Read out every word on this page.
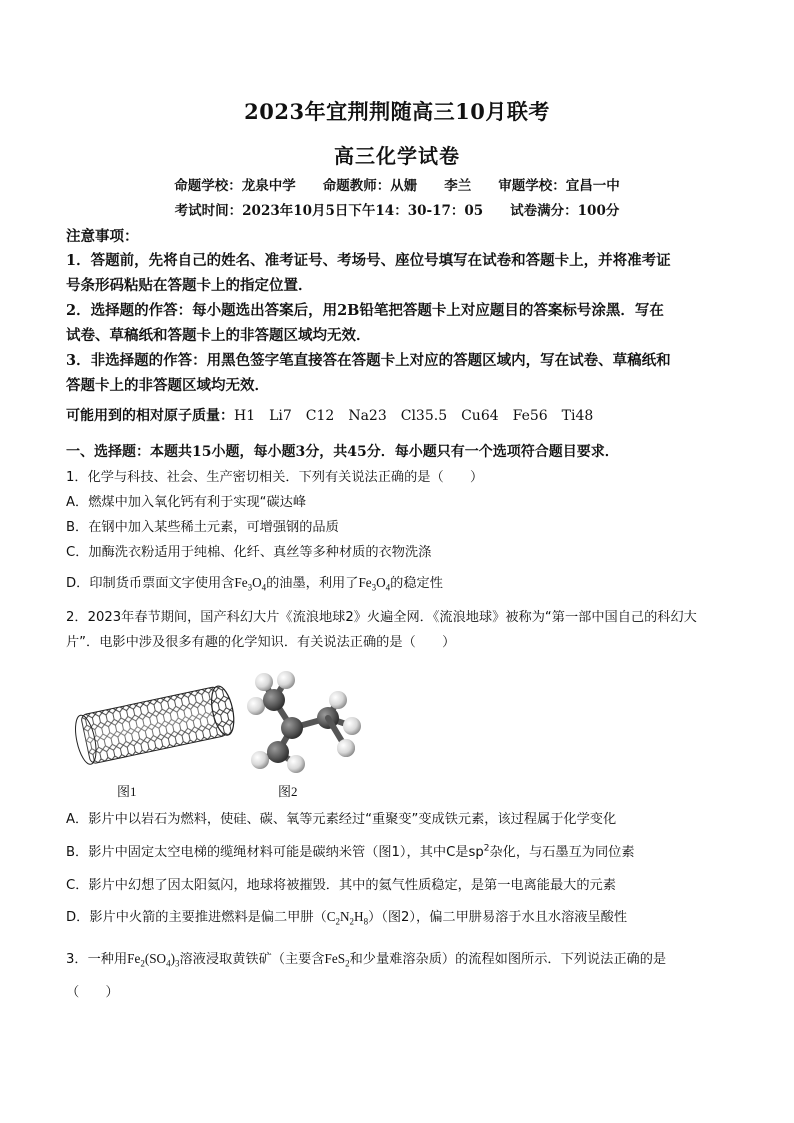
2023年宜荆荆随高三10月联考
高三化学试卷
命题学校：龙泉中学　　命题教师：从姗　　李兰　　审题学校：宜昌一中
考试时间：2023年10月5日下午14：30-17：05　　试卷满分：100分
注意事项：
1．答题前，先将自己的姓名、准考证号、考场号、座位号填写在试卷和答题卡上，并将准考证
号条形码粘贴在答题卡上的指定位置．
2．选择题的作答：每小题选出答案后，用2B铅笔把答题卡上对应题目的答案标号涂黑．写在
试卷、草稿纸和答题卡上的非答题区域均无效．
3．非选择题的作答：用黑色签字笔直接答在答题卡上对应的答题区域内，写在试卷、草稿纸和
答题卡上的非答题区域均无效．
可能用到的相对原子质量：H1　Li7　C12　Na23　Cl35.5　Cu64　Fe56　Ti48
一、选择题：本题共15小题，每小题3分，共45分．每小题只有一个选项符合题目要求．
1．化学与科技、社会、生产密切相关．下列有关说法正确的是（　　）
A．燃煤中加入氧化钙有利于实现“碳达峰
B．在钢中加入某些稀土元素，可增强钢的品质
C．加酶洗衣粉适用于纯棉、化纤、真丝等多种材质的衣物洗涤
D．印制货币票面文字使用含$Fe_3O_4$的油墨，利用了$Fe_3O_4$的稳定性
2．2023年春节期间，国产科幻大片《流浪地球2》火遍全网．《流浪地球》被称为“第一部中国自己的科幻大
片”．电影中涉及很多有趣的化学知识．有关说法正确的是（　　）
图1	图2
A．影片中以岩石为燃料，使硅、碳、氧等元素经过“重聚变”变成铁元素，该过程属于化学变化
B．影片中固定太空电梯的缆绳材料可能是碳纳米管（图1），其中C是$sp^2$杂化，与石墨互为同位素
C．影片中幻想了因太阳氦闪，地球将被摧毁．其中的氦气性质稳定，是第一电离能最大的元素
D．影片中火箭的主要推进燃料是偏二甲肼$(C_2N_2H_8)$（图2），偏二甲肼易溶于水且水溶液呈酸性
3．一种用$Fe_2(SO_4)_3$溶液浸取黄铁矿（主要含FeS$_2$和少量难溶杂质）的流程如图所示．下列说法正确的是
（　　）
